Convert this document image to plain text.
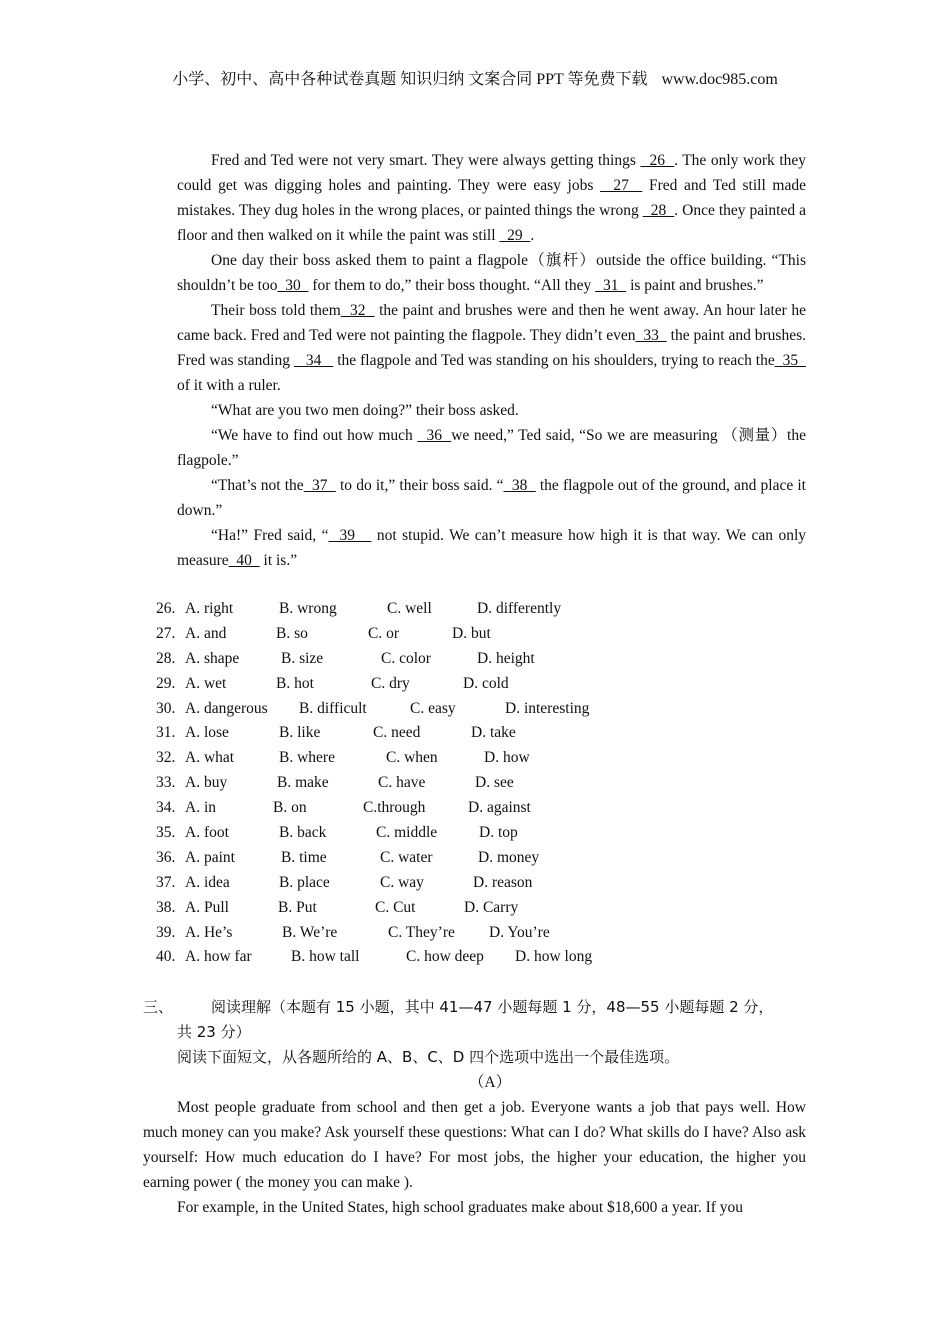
小学、初中、高中各种试卷真题 知识归纳 文案合同 PPT 等免费下载 www.doc985.com

Fred and Ted were not very smart. They were always getting things   26  . The only work they could get was digging holes and painting. They were easy jobs   27   Fred and Ted still made mistakes. They dug holes in the wrong places, or painted things the wrong   28  . Once they painted a floor and then walked on it while the paint was still   29  .

One day their boss asked them to paint a flagpole（旗杆）outside the office building. “This shouldn’t be too  30   for them to do,” their boss thought. “All they   31   is paint and brushes.”

Their boss told them  32   the paint and brushes were and then he went away. An hour later he came back. Fred and Ted were not painting the flagpole. They didn’t even  33   the paint and brushes. Fred was standing    34    the flagpole and Ted was standing on his shoulders, trying to reach the  35   of it with a ruler.

“What are you two men doing?” their boss asked.

“We have to find out how much   36  we need,” Ted said, “So we are measuring （测量）the flagpole.”

“That’s not the  37   to do it,” their boss said. “  38   the flagpole out of the ground, and place it down.”

“Ha!” Fred said, “  39    not stupid. We can’t measure how high it is that way. We can only measure  40   it is.”

26. A. right	B. wrong	C. well	D. differently
27. A. and	B. so	C. or	D. but
28. A. shape	B. size	C. color	D. height
29. A. wet	B. hot	C. dry	D. cold
30. A. dangerous B. difficult	C. easy	D. interesting
31. A. lose	B. like	C. need	D. take
32. A. what	B. where	C. when	D. how
33. A. buy	B. make	C. have	D. see
34. A. in	B. on	C.through	D. against
35. A. foot	B. back	C. middle	D. top
36. A. paint	B. time	C. water	D. money
37. A. idea	B. place	C. way	D. reason
38. A. Pull	B. Put	C. Cut	D. Carry
39. A. He’s	B. We’re	C. They’re D. You’re
40. A. how far	B. how tall	C. how deep D. how long
三、	阅读理解（本题有 15 小题，其中 41—47 小题每题 1 分，48—55 小题每题 2 分，
共 23 分）
阅读下面短文，从各题所给的 A、B、C、D 四个选项中选出一个最佳选项。
（A）

Most people graduate from school and then get a job. Everyone wants a job that pays well. How much money can you make? Ask yourself these questions: What can I do? What skills do I have? Also ask yourself: How much education do I have? For most jobs, the higher your education, the higher you earning power ( the money you can make ).

For example, in the United States, high school graduates make about $18,600 a year. If you
